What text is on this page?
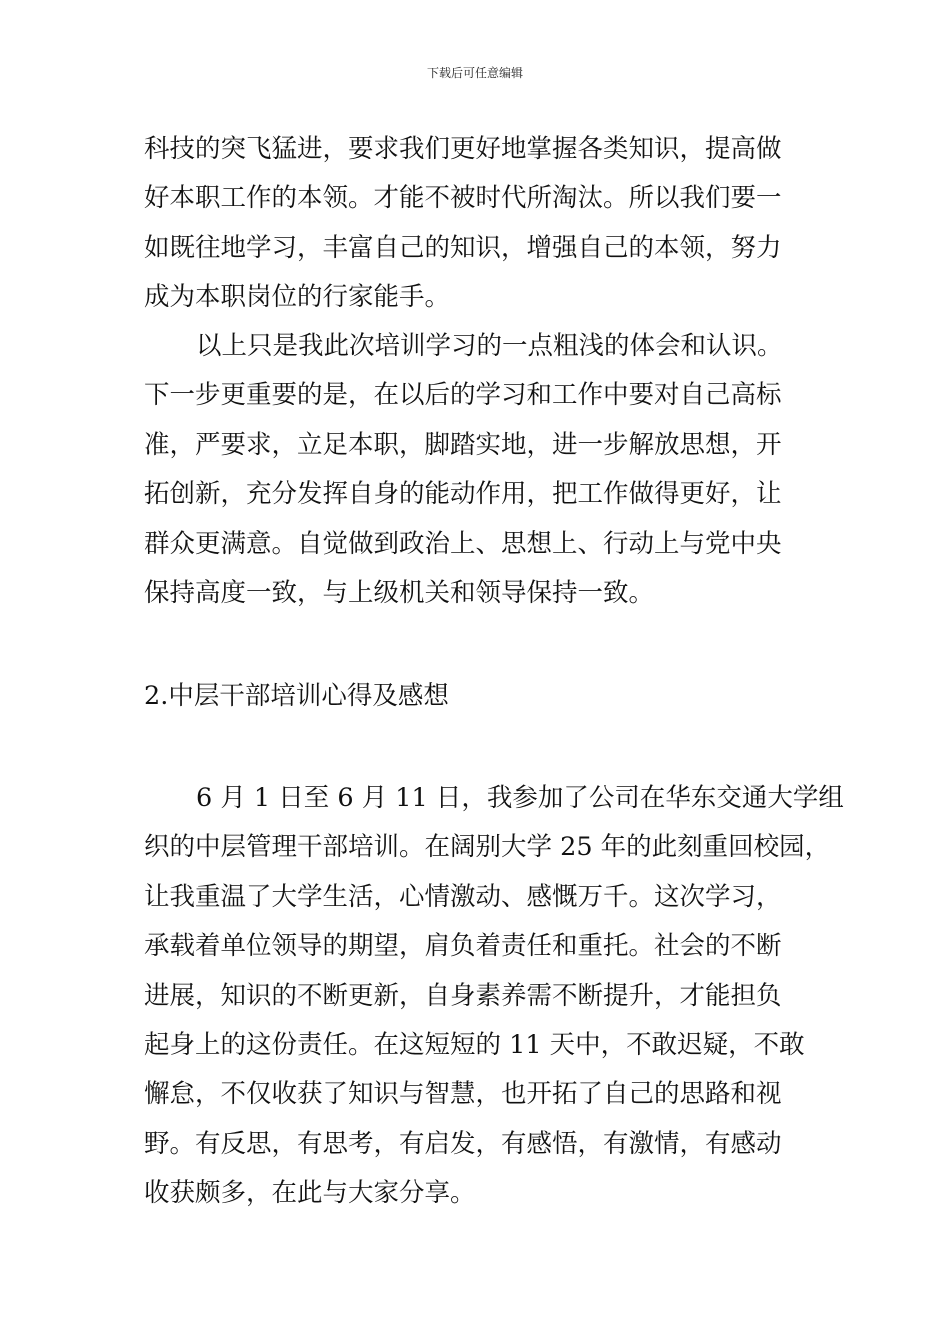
下载后可任意编辑
科技的突飞猛进，要求我们更好地掌握各类知识，提高做
好本职工作的本领。才能不被时代所淘汰。所以我们要一
如既往地学习，丰富自己的知识，增强自己的本领，努力
成为本职岗位的行家能手。
以上只是我此次培训学习的一点粗浅的体会和认识。
下一步更重要的是，在以后的学习和工作中要对自己高标
准，严要求，立足本职，脚踏实地，进一步解放思想，开
拓创新，充分发挥自身的能动作用，把工作做得更好，让
群众更满意。自觉做到政治上、思想上、行动上与党中央
保持高度一致，与上级机关和领导保持一致。
2.中层干部培训心得及感想
6 月 1 日至 6 月 11 日，我参加了公司在华东交通大学组
织的中层管理干部培训。在阔别大学 25 年的此刻重回校园，
让我重温了大学生活，心情激动、感慨万千。这次学习，
承载着单位领导的期望，肩负着责任和重托。社会的不断
进展，知识的不断更新，自身素养需不断提升，才能担负
起身上的这份责任。在这短短的 11 天中，不敢迟疑，不敢
懈怠，不仅收获了知识与智慧，也开拓了自己的思路和视
野。有反思，有思考，有启发，有感悟，有激情，有感动
收获颇多，在此与大家分享。
